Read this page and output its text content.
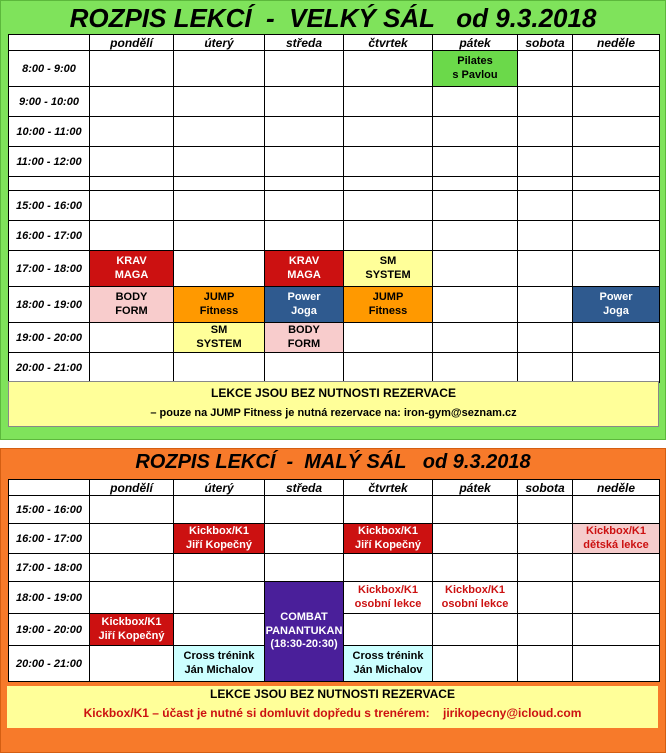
ROZPIS LEKCÍ  -  VELKÝ SÁL   od 9.3.2018
	pondělí	úterý	středa	čtvrtek	pátek	sobota	neděle
8:00 - 9:00					Pilates
s Pavlou		

9:00 - 10:00							
10:00 - 11:00							
11:00 - 12:00							

15:00 - 16:00							
16:00 - 17:00							
17:00 - 18:00	KRAV
MAGA		KRAV
MAGA	SM
SYSTEM			

18:00 - 19:00	BODY
FORM	JUMP
Fitness	Power
Joga	JUMP
Fitness			Power
Joga

19:00 - 20:00		SM
SYSTEM	BODY
FORM				

20:00 - 21:00							
LEKCE JSOU BEZ NUTNOSTI REZERVACE
– pouze na JUMP Fitness je nutná rezervace na: iron-gym@seznam.cz
ROZPIS LEKCÍ  -  MALÝ SÁL   od 9.3.2018
	pondělí	úterý	středa	čtvrtek	pátek	sobota	neděle
15:00 - 16:00							
16:00 - 17:00		Kickbox/K1
Jiří Kopečný		Kickbox/K1
Jiří Kopečný			Kickbox/K1
dětská lekce

17:00 - 18:00							
18:00 - 19:00			COMBAT
PANANTUKAN
(18:30-20:30)	Kickbox/K1
osobní lekce	Kickbox/K1
osobní lekce		

19:00 - 20:00	Kickbox/K1
Jiří Kopečný						

20:00 - 21:00		Cross trénink
Ján Michalov		Cross trénink
Ján Michalov			

LEKCE JSOU BEZ NUTNOSTI REZERVACE
Kickbox/K1 – účast je nutné si domluvit dopředu s trenérem: jirikopecny@icloud.com
